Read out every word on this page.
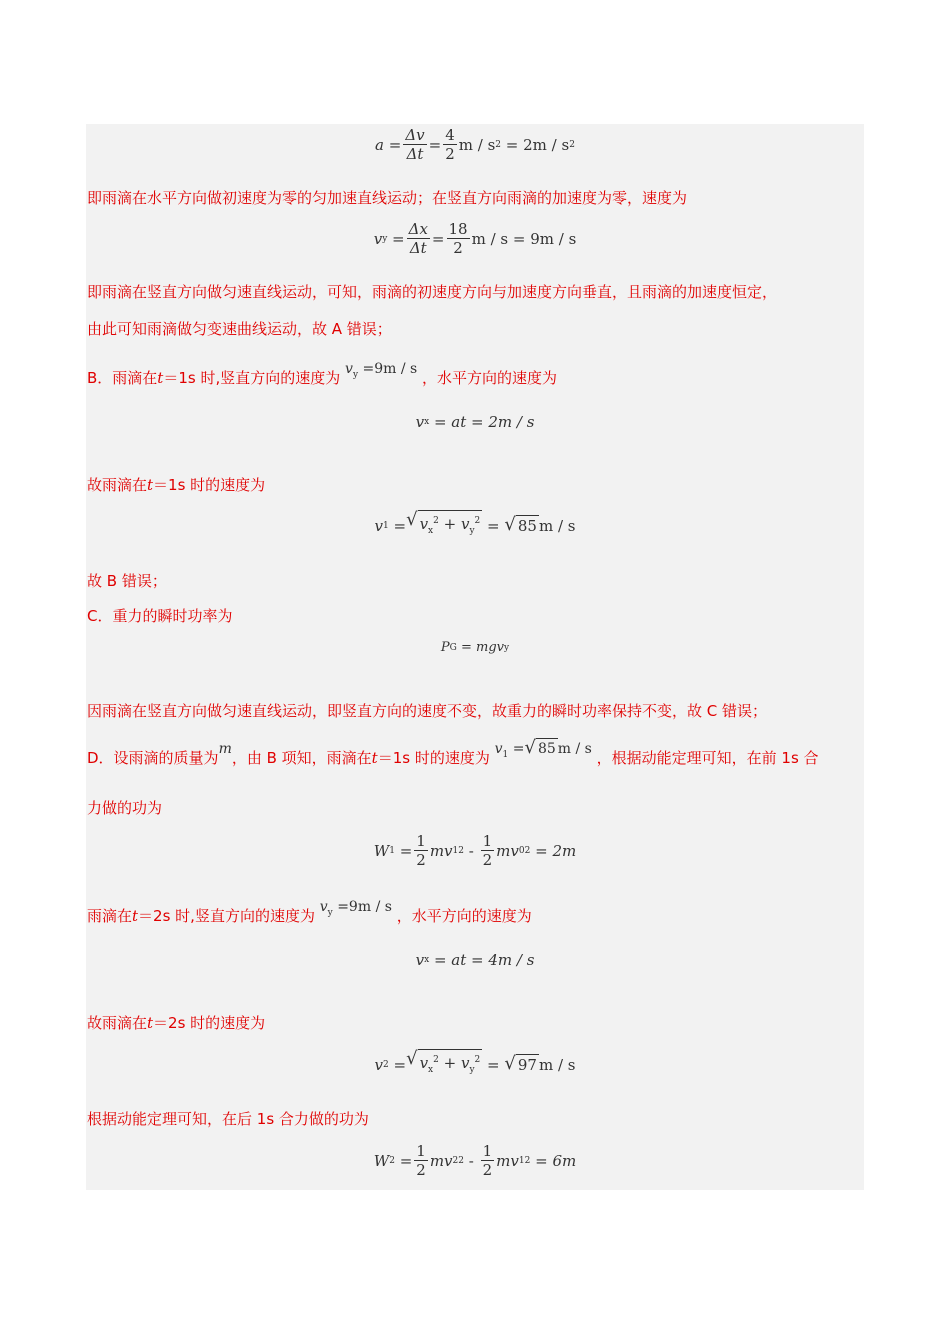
$a = \frac{\Delta v}{\Delta t} = \frac{4}{2}$ m / s 2 = 2m / s 2
即雨滴在水平方向做初速度为零的匀加速直线运动；在竖直方向雨滴的加速度为零，速度为
v $y = \frac{\Delta x}{\Delta t} = \frac{18}{2}$ m / s = 9m / s
即雨滴在竖直方向做匀速直线运动，可知，雨滴的初速度方向与加速度方向垂直，且雨滴的加速度恒定，
由此可知雨滴做匀变速曲线运动，故 A 错误；
B．雨滴在t＝1s 时,竖直方向的速度为 $v_y =9m / s$ ，水平方向的速度为
v x
= at = 2m / s
故雨滴在t＝1s 时的速度为
v 1 = √ $v_x^2 + v_y^2$ = √ 85 m / s
故 B 错误；
C．重力的瞬时功率为
P G
= mgv y
因雨滴在竖直方向做匀速直线运动，即竖直方向的速度不变，故重力的瞬时功率保持不变，故 C 错误；
D．设雨滴的质量为m，由 B 项知，雨滴在t＝1s 时的速度为 $v_1$ = √ 85 m / s ，根据动能定理可知，在前 1s 合
力做的功为
W $1 = \frac{1}{2}$ mv 1 $2 - \frac{1}{2}$ mv 0 2
= 2m
雨滴在t＝2s 时,竖直方向的速度为 $v_y =9m / s$ ，水平方向的速度为
v x
= at = 4m / s
故雨滴在t＝2s 时的速度为
v 2 = √ $v_x^2 + v_y^2$ = √ 97 m / s
根据动能定理可知，在后 1s 合力做的功为
W $2 = \frac{1}{2}$ mv 2 $2 - \frac{1}{2}$ mv 1 2
= 6m
